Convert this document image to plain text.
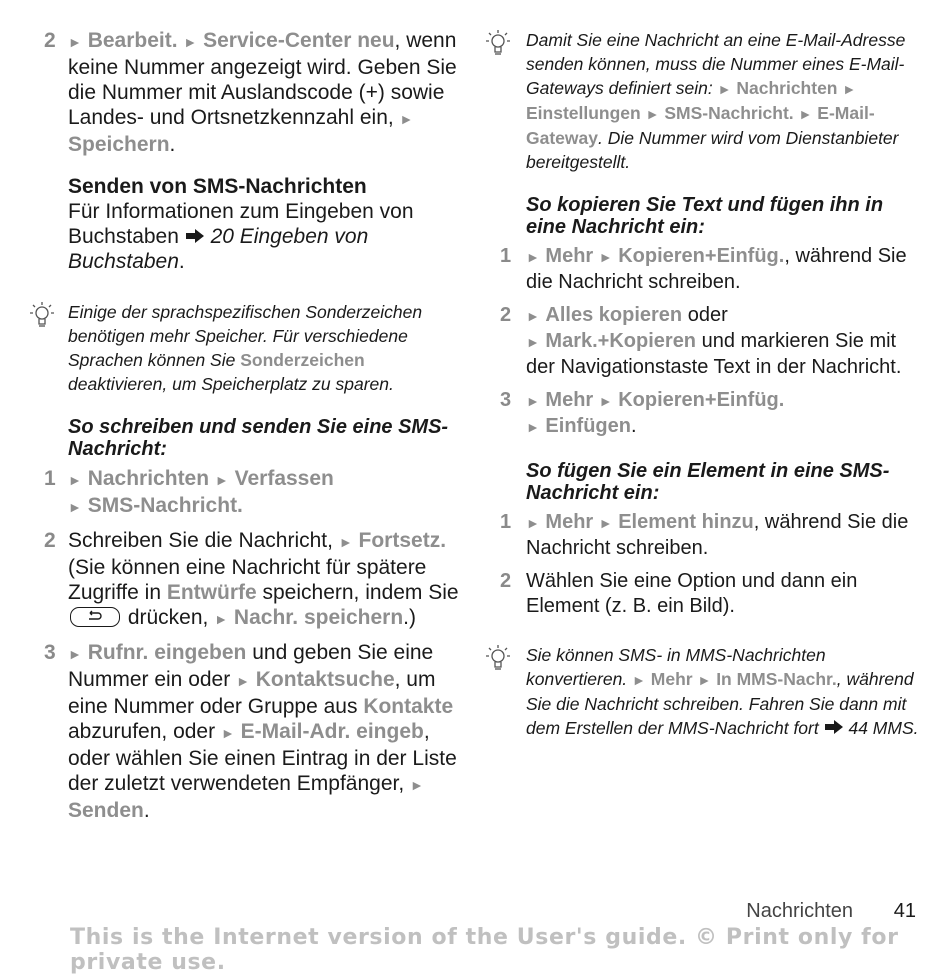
2 ► Bearbeit. ► Service-Center neu, wenn keine Nummer angezeigt wird. Geben Sie die Nummer mit Auslandscode (+) sowie Landes- und Ortsnetzkennzahl ein, ► Speichern.
Senden von SMS-Nachrichten
Für Informationen zum Eingeben von Buchstaben  20 Eingeben von Buchstaben.
Einige der sprachspezifischen Sonderzeichen benötigen mehr Speicher. Für verschiedene Sprachen können Sie Sonderzeichen deaktivieren, um Speicherplatz zu sparen.
So schreiben und senden Sie eine SMS-Nachricht:
1 ► Nachrichten ► Verfassen
► SMS-Nachricht.
2 Schreiben Sie die Nachricht, ► Fortsetz. (Sie können eine Nachricht für spätere Zugriffe in Entwürfe speichern, indem Sie
drücken, ► Nachr. speichern.)
3 ► Rufnr. eingeben und geben Sie eine Nummer ein oder ► Kontaktsuche, um eine Nummer oder Gruppe aus Kontakte abzurufen, oder ► E-Mail-Adr. eingeb, oder wählen Sie einen Eintrag in der Liste der zuletzt verwendeten Empfänger, ► Senden.
Damit Sie eine Nachricht an eine E-Mail-Adresse senden können, muss die Nummer eines E-Mail-Gateways definiert sein: ► Nachrichten ► Einstellungen ► SMS-Nachricht. ► E-Mail-Gateway. Die Nummer wird vom Dienstanbieter bereitgestellt.
So kopieren Sie Text und fügen ihn in eine Nachricht ein:
1 ► Mehr ► Kopieren+Einfüg., während Sie die Nachricht schreiben.
2 ► Alles kopieren oder
► Mark.+Kopieren und markieren Sie mit der Navigationstaste Text in der Nachricht.
3 ► Mehr ► Kopieren+Einfüg.
► Einfügen.
So fügen Sie ein Element in eine SMS-Nachricht ein:
1 ► Mehr ► Element hinzu, während Sie die Nachricht schreiben.
2 Wählen Sie eine Option und dann ein Element (z. B. ein Bild).
Sie können SMS- in MMS-Nachrichten konvertieren. ► Mehr ► In MMS-Nachr., während Sie die Nachricht schreiben. Fahren Sie dann mit dem Erstellen der MMS-Nachricht fort  44 MMS.
Nachrichten 41
This is the Internet version of the User's guide. © Print only for private use.
